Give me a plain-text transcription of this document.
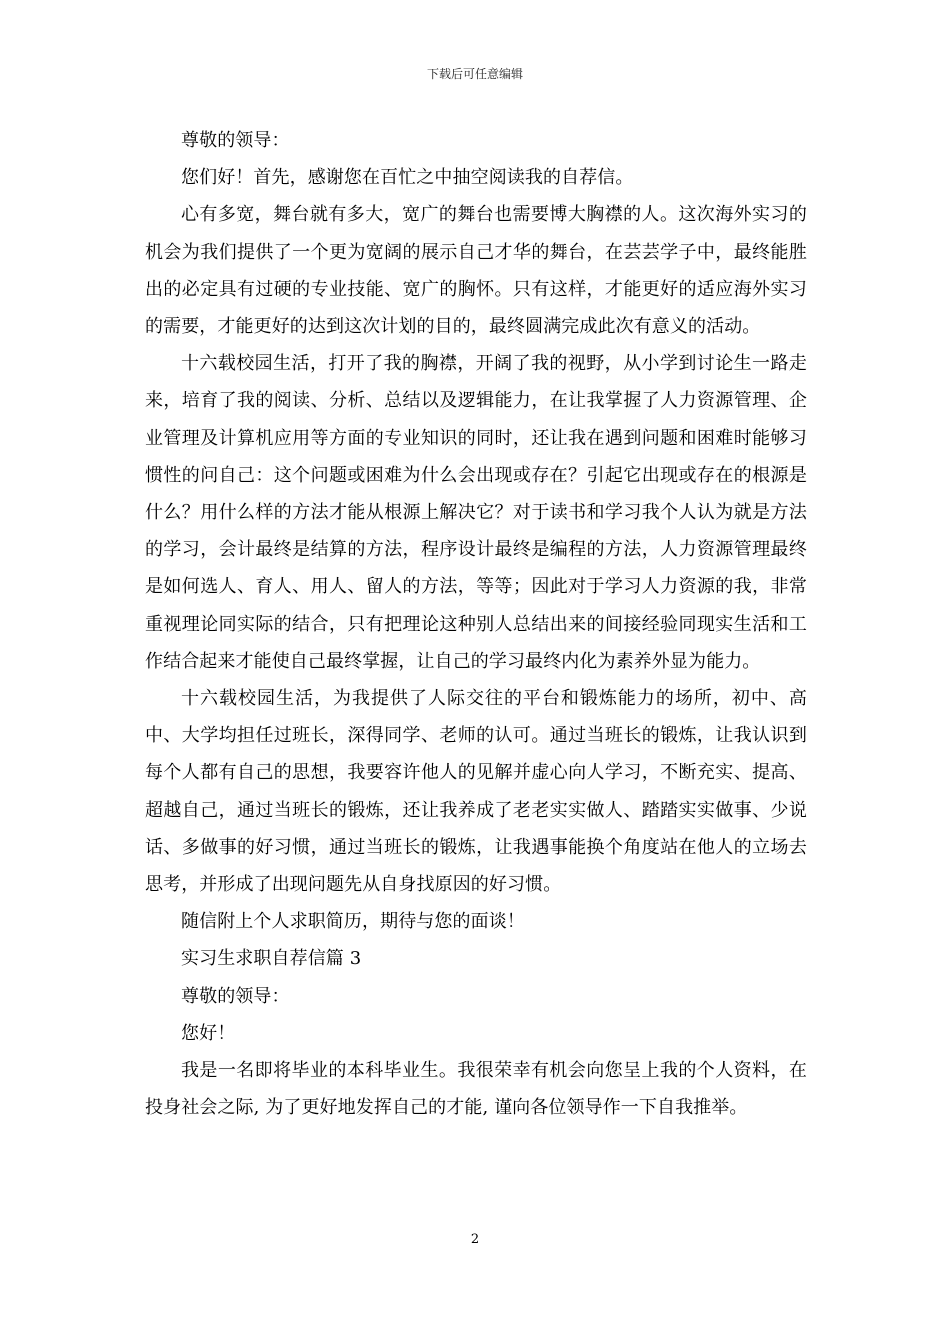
下载后可任意编辑

尊敬的领导：

您们好！首先，感谢您在百忙之中抽空阅读我的自荐信。

心有多宽，舞台就有多大，宽广的舞台也需要博大胸襟的人。这次海外实习的机会为我们提供了一个更为宽阔的展示自己才华的舞台，在芸芸学子中，最终能胜出的必定具有过硬的专业技能、宽广的胸怀。只有这样，才能更好的适应海外实习的需要，才能更好的达到这次计划的目的，最终圆满完成此次有意义的活动。

十六载校园生活，打开了我的胸襟，开阔了我的视野，从小学到讨论生一路走来，培育了我的阅读、分析、总结以及逻辑能力，在让我掌握了人力资源管理、企业管理及计算机应用等方面的专业知识的同时，还让我在遇到问题和困难时能够习惯性的问自己：这个问题或困难为什么会出现或存在？引起它出现或存在的根源是什么？用什么样的方法才能从根源上解决它？对于读书和学习我个人认为就是方法的学习，会计最终是结算的方法，程序设计最终是编程的方法，人力资源管理最终是如何选人、育人、用人、留人的方法，等等；因此对于学习人力资源的我，非常重视理论同实际的结合，只有把理论这种别人总结出来的间接经验同现实生活和工作结合起来才能使自己最终掌握，让自己的学习最终内化为素养外显为能力。

十六载校园生活，为我提供了人际交往的平台和锻炼能力的场所，初中、高中、大学均担任过班长，深得同学、老师的认可。通过当班长的锻炼，让我认识到每个人都有自己的思想，我要容许他人的见解并虚心向人学习，不断充实、提高、超越自己，通过当班长的锻炼，还让我养成了老老实实做人、踏踏实实做事、少说话、多做事的好习惯，通过当班长的锻炼，让我遇事能换个角度站在他人的立场去思考，并形成了出现问题先从自身找原因的好习惯。

随信附上个人求职简历，期待与您的面谈！

实习生求职自荐信篇 3

尊敬的领导：

您好！

我是一名即将毕业的本科毕业生。我很荣幸有机会向您呈上我的个人资料，在投身社会之际, 为了更好地发挥自己的才能, 谨向各位领导作一下自我推举。

2
